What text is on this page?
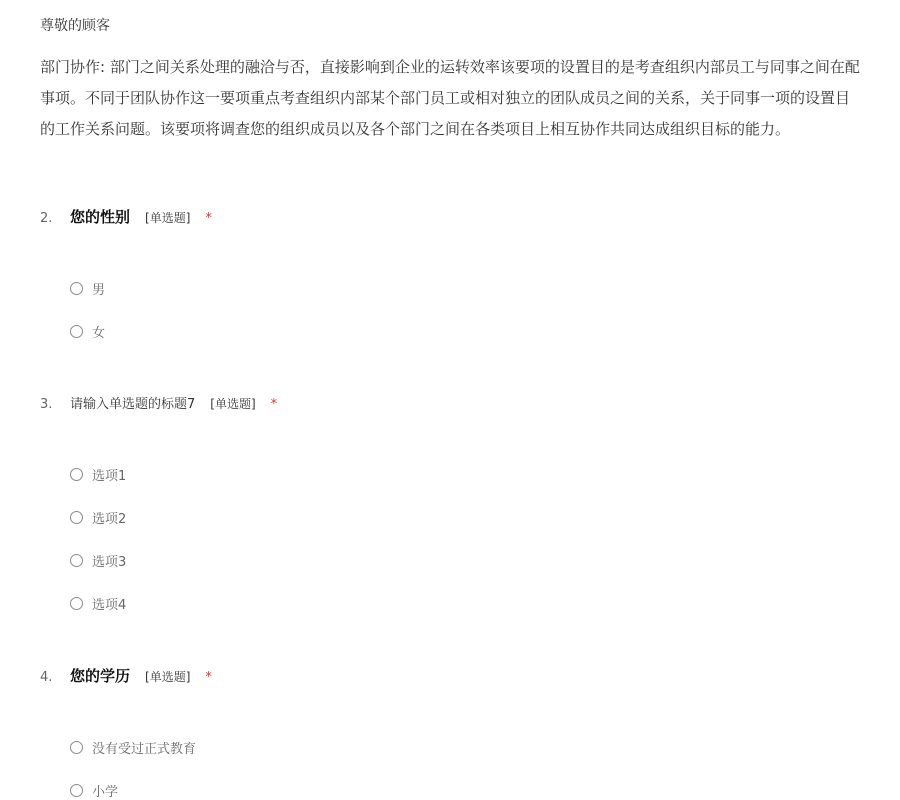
尊敬的顾客
部门协作: 部门之间关系处理的融洽与否，直接影响到企业的运转效率该要项的设置目的是考查组织内部员工与同事之间在配
事项。不同于团队协作这一要项重点考查组织内部某个部门员工或相对独立的团队成员之间的关系，关于同事一项的设置目
的工作关系问题。该要项将调查您的组织成员以及各个部门之间在各类项目上相互协作共同达成组织目标的能力。
2.	您的性别 [单选题] *
男
女
3.	请输入单选题的标题7 [单选题] *
选项1
选项2
选项3
选项4
4.	您的学历 [单选题] *
没有受过正式教育
小学
